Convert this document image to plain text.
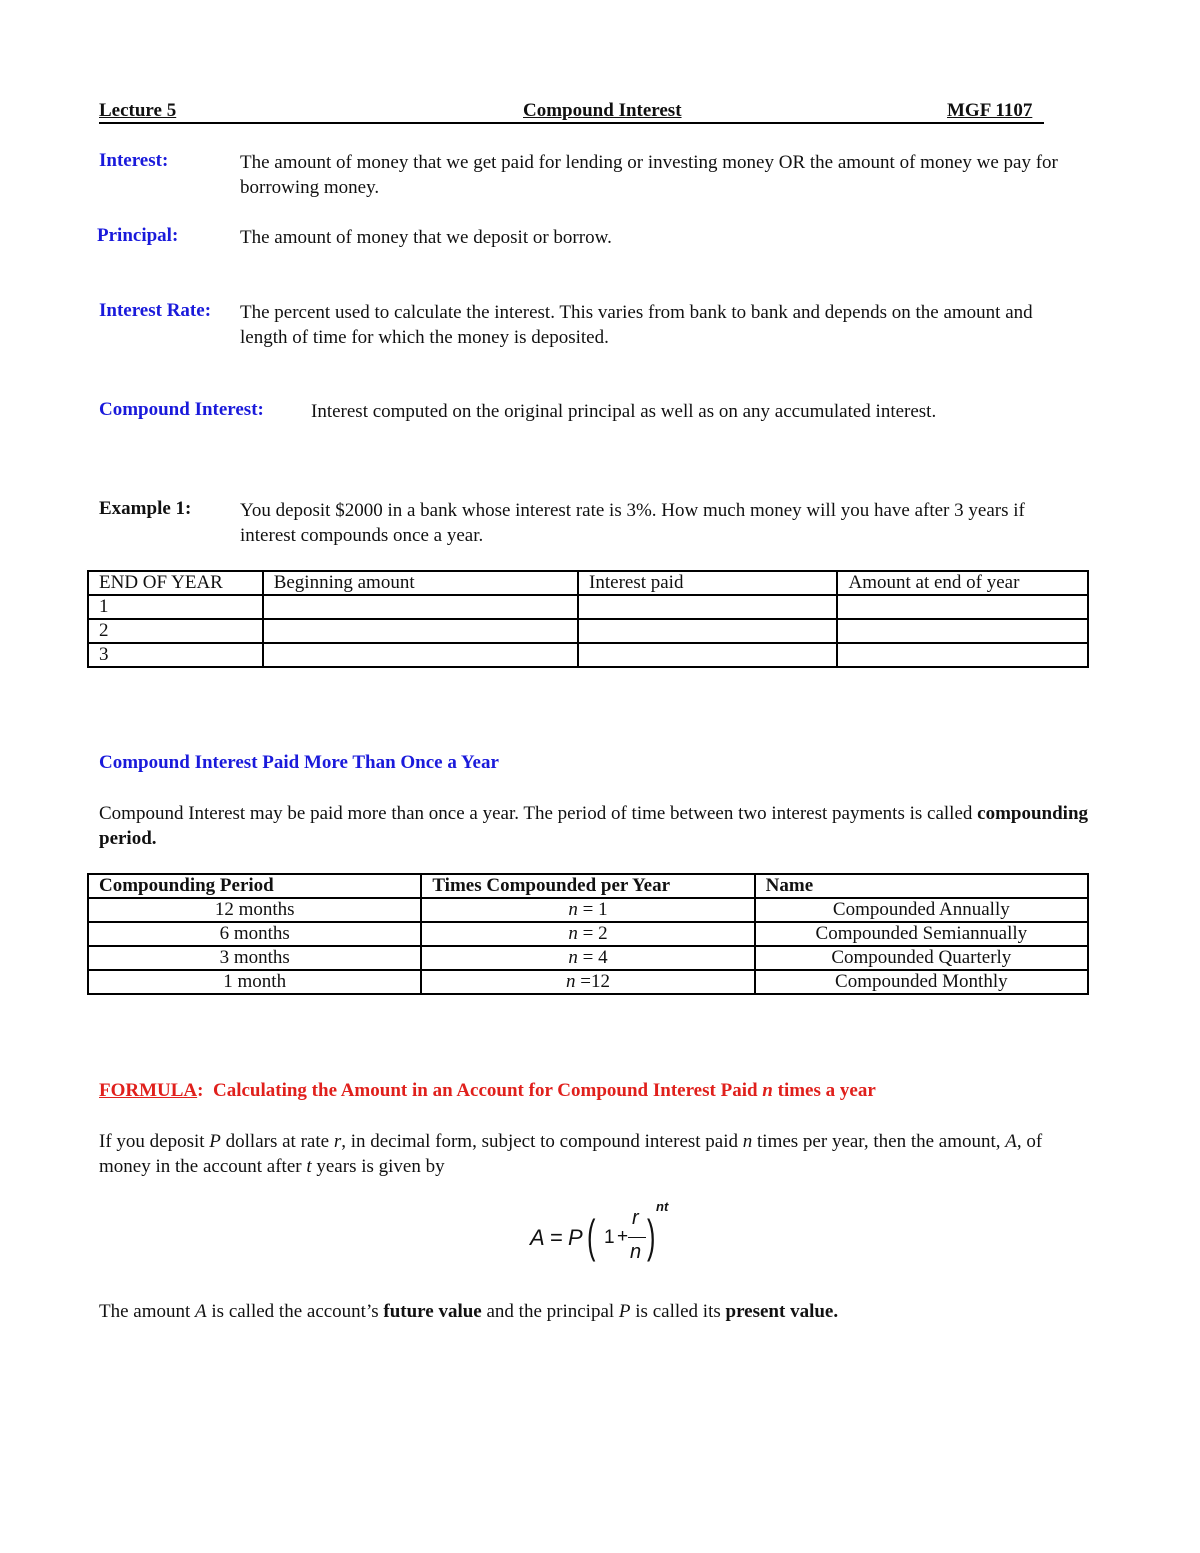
Lecture 5	Compound Interest	MGF 1107
Interest:	The amount of money that we get paid for lending or investing money OR the amount of money we pay for borrowing money.
Principal:	The amount of money that we deposit or borrow.
Interest Rate: The percent used to calculate the interest. This varies from bank to bank and depends on the amount and length of time for which the money is deposited.
Compound Interest: Interest computed on the original principal as well as on any accumulated interest.
Example 1:	You deposit $2000 in a bank whose interest rate is 3%. How much money will you have after 3 years if interest compounds once a year.
END OF YEAR	Beginning amount	Interest paid	Amount at end of year
1			
2			
3			
Compound Interest Paid More Than Once a Year
Compound Interest may be paid more than once a year. The period of time between two interest payments is called compounding period.
Compounding Period	Times Compounded per Year	Name
12 months	n = 1	Compounded Annually
6 months	n = 2	Compounded Semiannually
3 months	n = 4	Compounded Quarterly
1 month	n =12	Compounded Monthly
FORMULA: Calculating the Amount in an Account for Compound Interest Paid n times a year
If you deposit P dollars at rate r, in decimal form, subject to compound interest paid n times per year, then the amount, A, of money in the account after t years is given by
A = P ( 1 +
r
n )
nt
The amount A is called the account’s future value and the principal P is called its present value.
